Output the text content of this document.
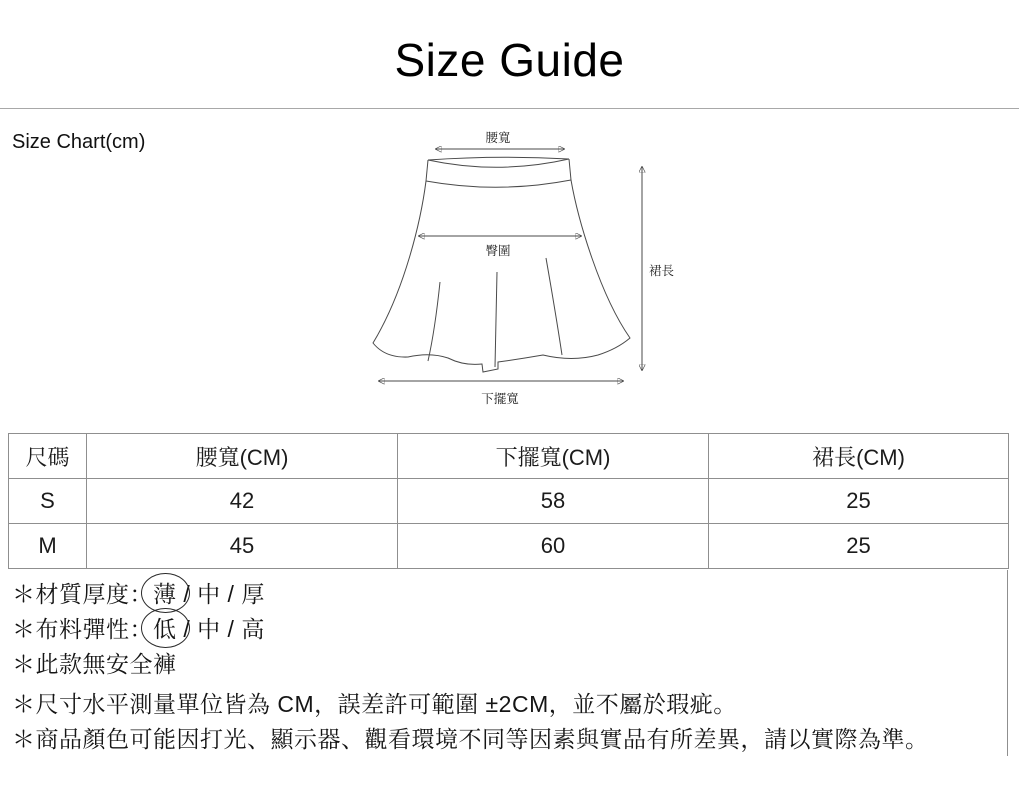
Size Guide
Size Chart(cm)	腰寬
臀圍
裙長
下擺寬
尺碼	腰寬(CM)	下擺寬(CM)	裙長(CM)
S	42	58	25
M	45	60	25
＊材質厚度：薄 / 中 / 厚
＊布料彈性：低 / 中 / 高
＊此款無安全褲
＊尺寸水平測量單位皆為 CM，誤差許可範圍 ±2CM，並不屬於瑕疵。
＊商品顏色可能因打光、顯示器、觀看環境不同等因素與實品有所差異，請以實際為準。
